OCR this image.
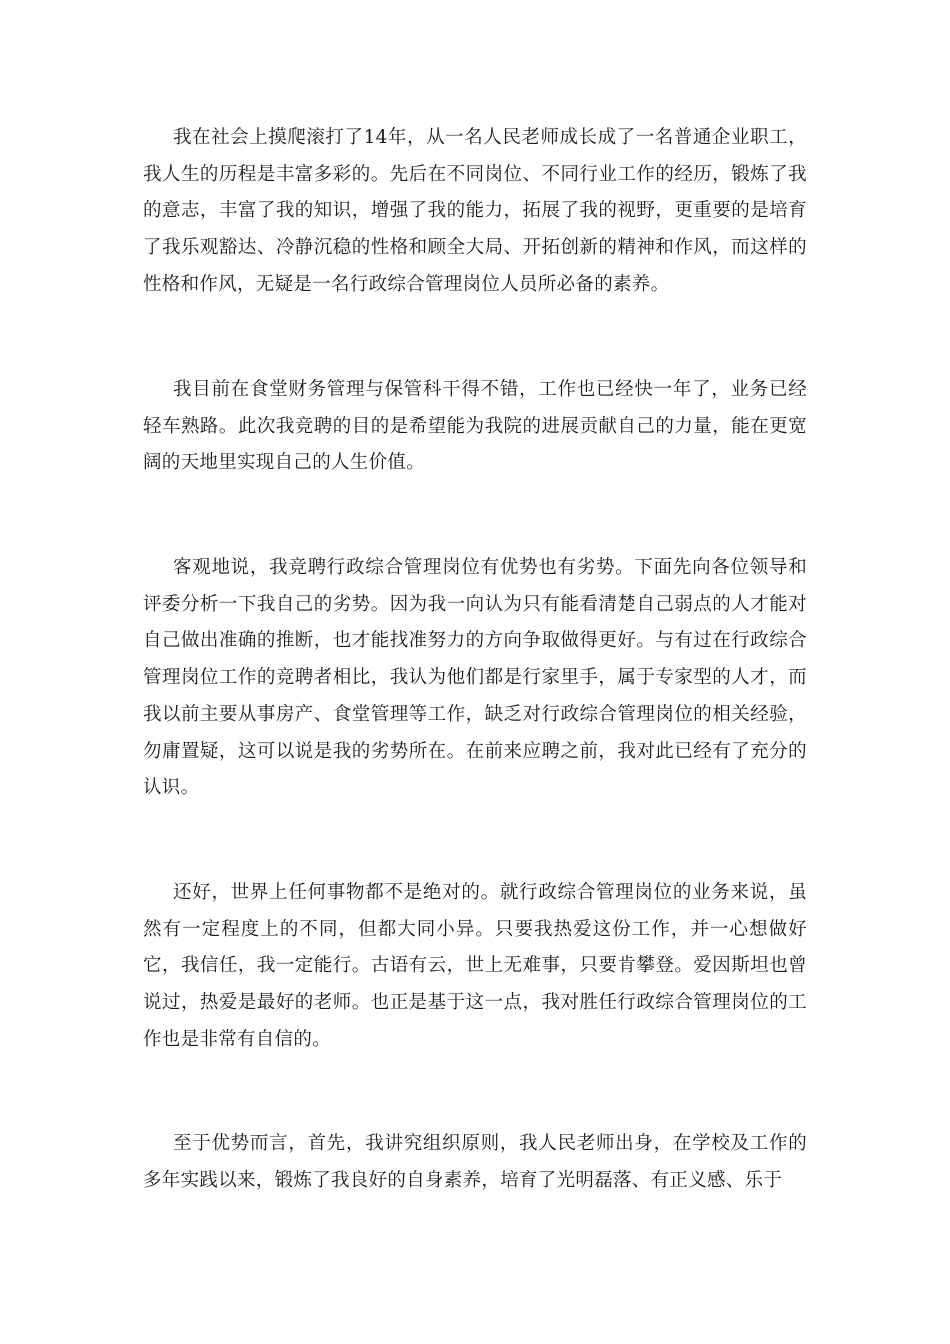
我在社会上摸爬滚打了14年，从一名人民老师成长成了一名普通企业职工，我人生的历程是丰富多彩的。先后在不同岗位、不同行业工作的经历，锻炼了我的意志，丰富了我的知识，增强了我的能力，拓展了我的视野，更重要的是培育了我乐观豁达、冷静沉稳的性格和顾全大局、开拓创新的精神和作风，而这样的性格和作风，无疑是一名行政综合管理岗位人员所必备的素养。

我目前在食堂财务管理与保管科干得不错，工作也已经快一年了，业务已经轻车熟路。此次我竞聘的目的是希望能为我院的进展贡献自己的力量，能在更宽阔的天地里实现自己的人生价值。

客观地说，我竞聘行政综合管理岗位有优势也有劣势。下面先向各位领导和评委分析一下我自己的劣势。因为我一向认为只有能看清楚自己弱点的人才能对自己做出准确的推断，也才能找准努力的方向争取做得更好。与有过在行政综合管理岗位工作的竞聘者相比，我认为他们都是行家里手，属于专家型的人才，而我以前主要从事房产、食堂管理等工作，缺乏对行政综合管理岗位的相关经验，勿庸置疑，这可以说是我的劣势所在。在前来应聘之前，我对此已经有了充分的认识。

还好，世界上任何事物都不是绝对的。就行政综合管理岗位的业务来说，虽然有一定程度上的不同，但都大同小异。只要我热爱这份工作，并一心想做好它，我信任，我一定能行。古语有云，世上无难事，只要肯攀登。爱因斯坦也曾说过，热爱是最好的老师。也正是基于这一点，我对胜任行政综合管理岗位的工作也是非常有自信的。

至于优势而言，首先，我讲究组织原则，我人民老师出身，在学校及工作的多年实践以来，锻炼了我良好的自身素养，培育了光明磊落、有正义感、乐于
